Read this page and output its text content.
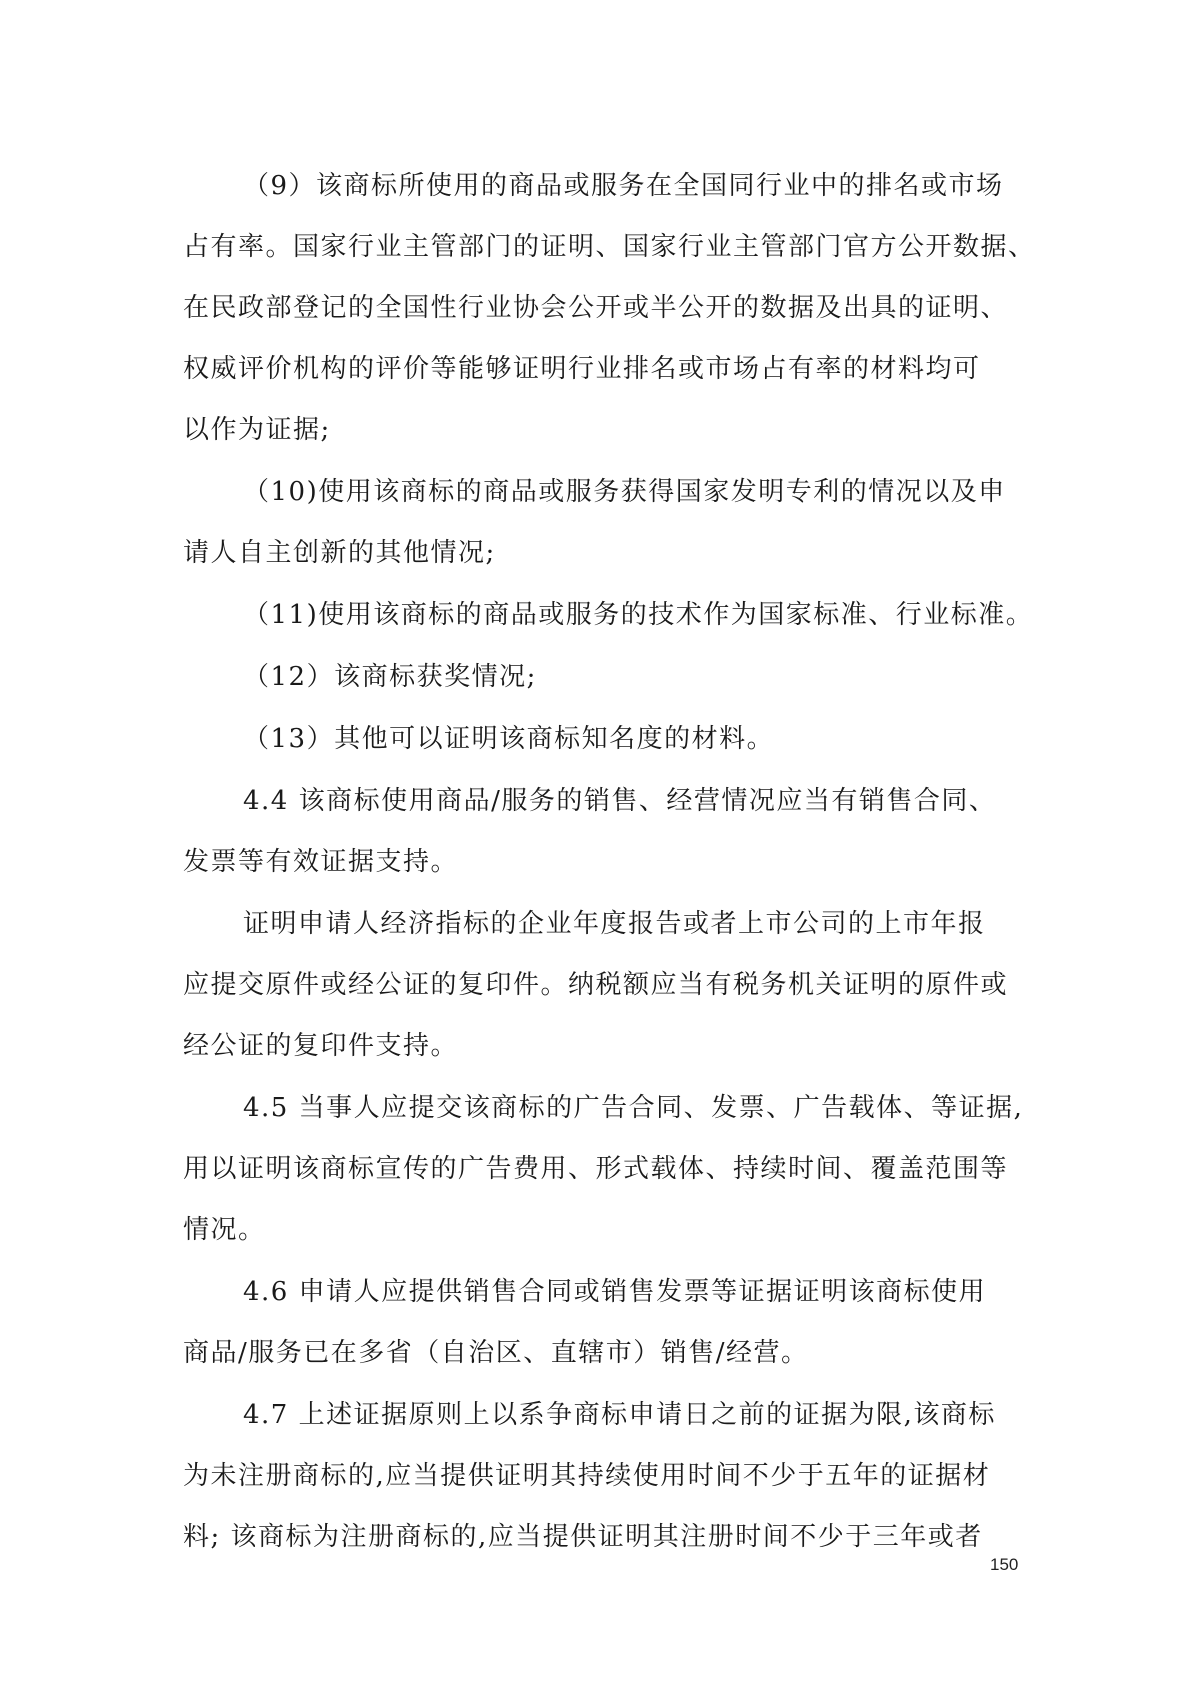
（9）该商标所使用的商品或服务在全国同行业中的排名或市场
占有率。国家行业主管部门的证明、国家行业主管部门官方公开数据、
在民政部登记的全国性行业协会公开或半公开的数据及出具的证明、
权威评价机构的评价等能够证明行业排名或市场占有率的材料均可
以作为证据;

（10)使用该商标的商品或服务获得国家发明专利的情况以及申
请人自主创新的其他情况;

（11)使用该商标的商品或服务的技术作为国家标准、行业标准。

（12）该商标获奖情况;

（13）其他可以证明该商标知名度的材料。

4.4 该商标使用商品/服务的销售、经营情况应当有销售合同、
发票等有效证据支持。

证明申请人经济指标的企业年度报告或者上市公司的上市年报
应提交原件或经公证的复印件。纳税额应当有税务机关证明的原件或
经公证的复印件支持。

4.5 当事人应提交该商标的广告合同、发票、广告载体、等证据,
用以证明该商标宣传的广告费用、形式载体、持续时间、覆盖范围等
情况。

4.6 申请人应提供销售合同或销售发票等证据证明该商标使用
商品/服务已在多省（自治区、直辖市）销售/经营。

4.7 上述证据原则上以系争商标申请日之前的证据为限,该商标
为未注册商标的,应当提供证明其持续使用时间不少于五年的证据材
料; 该商标为注册商标的,应当提供证明其注册时间不少于三年或者

150
